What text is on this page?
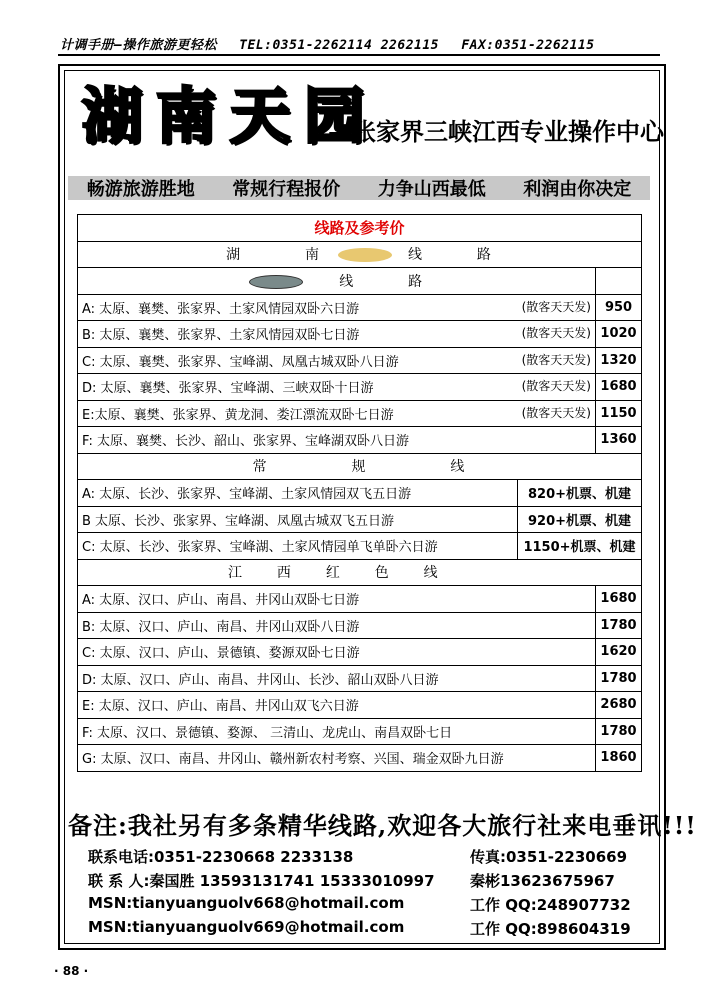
计调手册—操作旅游更轻松 TEL:0351-2262114 2262115 FAX:0351-2262115
湖南天园
—张家界三峡江西专业操作中心
畅游旅游胜地 常规行程报价 力争山西最低 利润由你决定
线路及参考价		
湖 南 线 路		
线 路		
A: 太原、襄樊、张家界、土家风情园双卧六日游 (散客天天发)		950
B: 太原、襄樊、张家界、土家风情园双卧七日游 (散客天天发)		1020
C: 太原、襄樊、张家界、宝峰湖、凤凰古城双卧八日游 (散客天天发)		1320
D: 太原、襄樊、张家界、宝峰湖、三峡双卧十日游 (散客天天发)		1680
E:太原、襄樊、张家界、黄龙洞、娄江漂流双卧七日游 (散客天天发)		1150
F: 太原、襄樊、长沙、韶山、张家界、宝峰湖双卧八日游		1360
常 规 线		
A: 太原、长沙、张家界、宝峰湖、土家风情园双飞五日游	820+机票、机建	
B 太原、长沙、张家界、宝峰湖、凤凰古城双飞五日游	920+机票、机建	
C: 太原、长沙、张家界、宝峰湖、土家风情园单飞单卧六日游	1150+机票、机建	
江 西 红 色 线		
A: 太原、汉口、庐山、南昌、井冈山双卧七日游		1680
B: 太原、汉口、庐山、南昌、井冈山双卧八日游		1780
C: 太原、汉口、庐山、景德镇、婺源双卧七日游		1620
D: 太原、汉口、庐山、南昌、井冈山、长沙、韶山双卧八日游		1780
E: 太原、汉口、庐山、南昌、井冈山双飞六日游		2680
F: 太原、汉口、景德镇、婺源、 三清山、龙虎山、南昌双卧七日		1780
G: 太原、汉口、南昌、井冈山、赣州新农村考察、兴国、瑞金双卧九日游		1860
备注:我社另有多条精华线路,欢迎各大旅行社来电垂讯!!!
联系电话:0351-2230668 2233138	传真:0351-2230669
联 系 人:秦国胜 13593131741 15333010997 秦彬13623675967
MSN:tianyuanguolv668@hotmail.com	工作 QQ:248907732
MSN:tianyuanguolv669@hotmail.com	工作 QQ:898604319
· 88 ·
